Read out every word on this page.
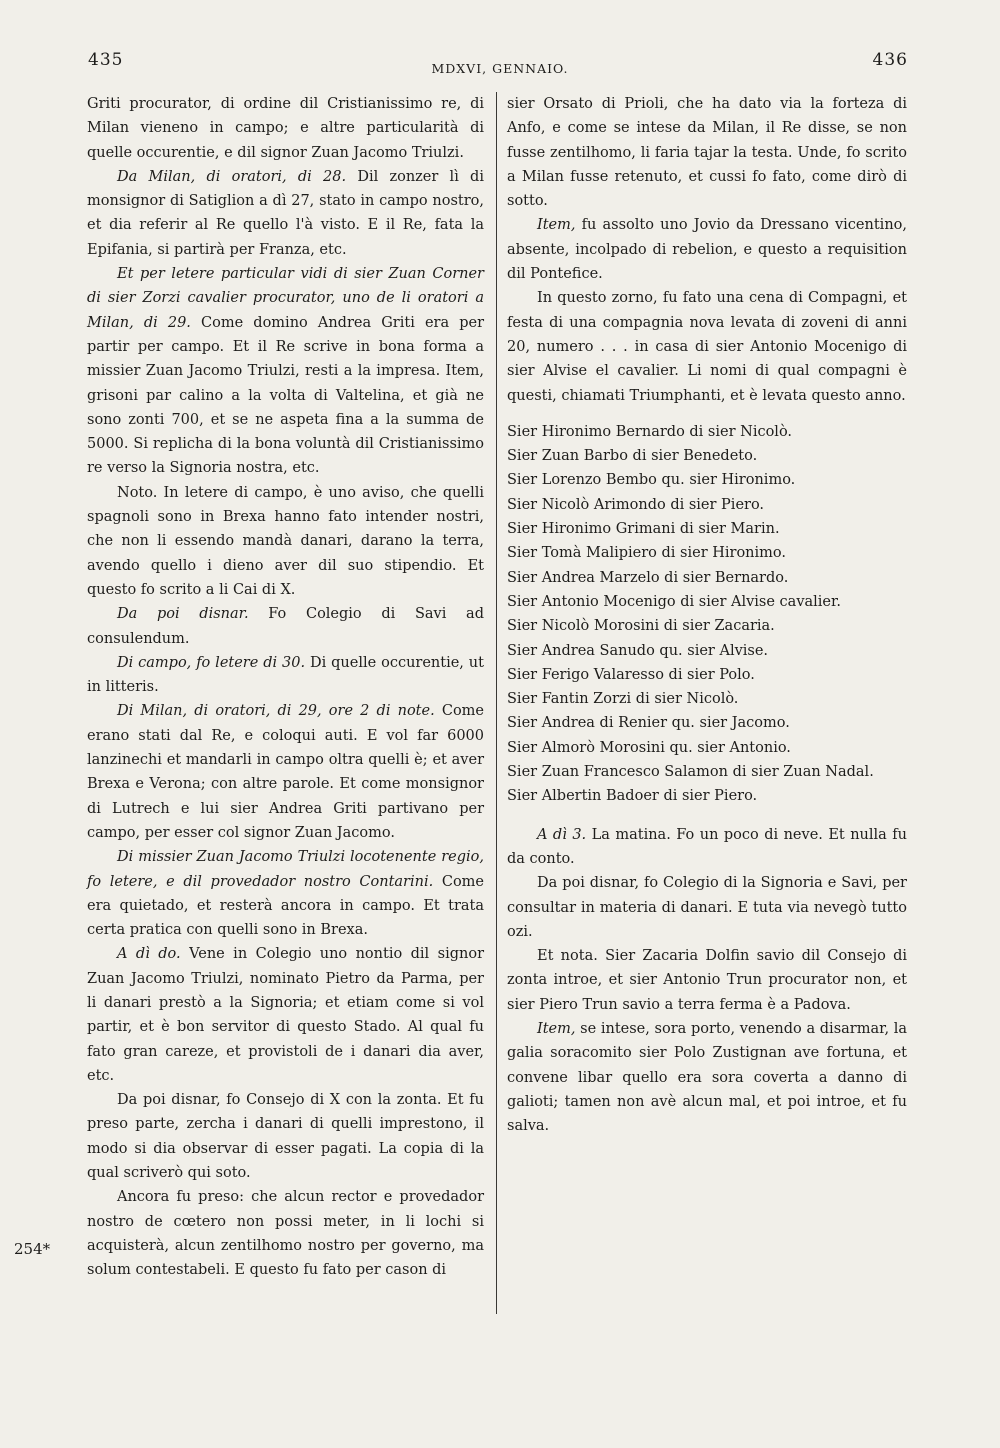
435	MDXVI, GENNAIO.	436

Griti procurator, di ordine dil Cristianissimo re, di Milan vieneno in campo; e altre particularità di quelle occurentie, e dil signor Zuan Jacomo Triulzi.

Da Milan, di oratori, di 28. Dil zonzer lì di monsignor di Satiglion a dì 27, stato in campo nostro, et dia referir al Re quello l'à visto. E il Re, fata la Epifania, si partirà per Franza, etc.

Et per letere particular vidi di sier Zuan Corner di sier Zorzi cavalier procurator, uno de li oratori a Milan, di 29. Come domino Andrea Griti era per partir per campo. Et il Re scrive in bona forma a missier Zuan Jacomo Triulzi, resti a la impresa. Item, grisoni par calino a la volta di Valtelina, et già ne sono zonti 700, et se ne aspeta fina a la summa de 5000. Si replicha di la bona voluntà dil Cristianissimo re verso la Signoria nostra, etc.

Noto. In letere di campo, è uno aviso, che quelli spagnoli sono in Brexa hanno fato intender nostri, che non li essendo mandà danari, darano la terra, avendo quello i dieno aver dil suo stipendio. Et questo fo scrito a li Cai di X.

Da poi disnar. Fo Colegio di Savi ad consulendum.

Di campo, fo letere di 30. Di quelle occurentie, ut in litteris.

Di Milan, di oratori, di 29, ore 2 di note. Come erano stati dal Re, e coloqui auti. E vol far 6000 lanzinechi et mandarli in campo oltra quelli è; et aver Brexa e Verona; con altre parole. Et come monsignor di Lutrech e lui sier Andrea Griti partivano per campo, per esser col signor Zuan Jacomo.

Di missier Zuan Jacomo Triulzi locotenente regio, fo letere, e dil provedador nostro Contarini. Come era quietado, et resterà ancora in campo. Et trata certa pratica con quelli sono in Brexa.

A dì do. Vene in Colegio uno nontio dil signor Zuan Jacomo Triulzi, nominato Pietro da Parma, per li danari prestò a la Signoria; et etiam come si vol partir, et è bon servitor di questo Stado. Al qual fu fato gran careze, et provistoli de i danari dia aver, etc.

Da poi disnar, fo Consejo di X con la zonta. Et fu preso parte, zercha i danari di quelli imprestono, il modo si dia observar di esser pagati. La copia di la qual scriverò qui soto.

Ancora fu preso: che alcun rector e provedador nostro de cœtero non possi meter, in li lochi si acquisterà, alcun zentilhomo nostro per governo, ma solum contestabeli. E questo fu fato per cason di

sier Orsato di Prioli, che ha dato via la forteza di Anfo, e come se intese da Milan, il Re disse, se non fusse zentilhomo, li faria tajar la testa. Unde, fo scrito a Milan fusse retenuto, et cussi fo fato, come dirò di sotto.

Item, fu assolto uno Jovio da Dressano vicentino, absente, incolpado di rebelion, e questo a requisition dil Pontefice.

In questo zorno, fu fato una cena di Compagni, et festa di una compagnia nova levata di zoveni di anni 20, numero . . . in casa di sier Antonio Mocenigo di sier Alvise el cavalier. Li nomi di qual compagni è questi, chiamati Triumphanti, et è levata questo anno.

Sier Hironimo Bernardo di sier Nicolò.
Sier Zuan Barbo di sier Benedeto.
Sier Lorenzo Bembo qu. sier Hironimo.
Sier Nicolò Arimondo di sier Piero.
Sier Hironimo Grimani di sier Marin.
Sier Tomà Malipiero di sier Hironimo.
Sier Andrea Marzelo di sier Bernardo.
Sier Antonio Mocenigo di sier Alvise cavalier.
Sier Nicolò Morosini di sier Zacaria.
Sier Andrea Sanudo qu. sier Alvise.
Sier Ferigo Valaresso di sier Polo.
Sier Fantin Zorzi di sier Nicolò.
Sier Andrea di Renier qu. sier Jacomo.
Sier Almorò Morosini qu. sier Antonio.
Sier Zuan Francesco Salamon di sier Zuan Nadal.
Sier Albertin Badoer di sier Piero.

A dì 3. La matina. Fo un poco di neve. Et nulla fu da conto.

Da poi disnar, fo Colegio di la Signoria e Savi, per consultar in materia di danari. E tuta via nevegò tutto ozi.

Et nota. Sier Zacaria Dolfin savio dil Consejo di zonta introe, et sier Antonio Trun procurator non, et sier Piero Trun savio a terra ferma è a Padova.

Item, se intese, sora porto, venendo a disarmar, la galia soracomito sier Polo Zustignan ave fortuna, et convene libar quello era sora coverta a danno di galioti; tamen non avè alcun mal, et poi introe, et fu salva.

254*
